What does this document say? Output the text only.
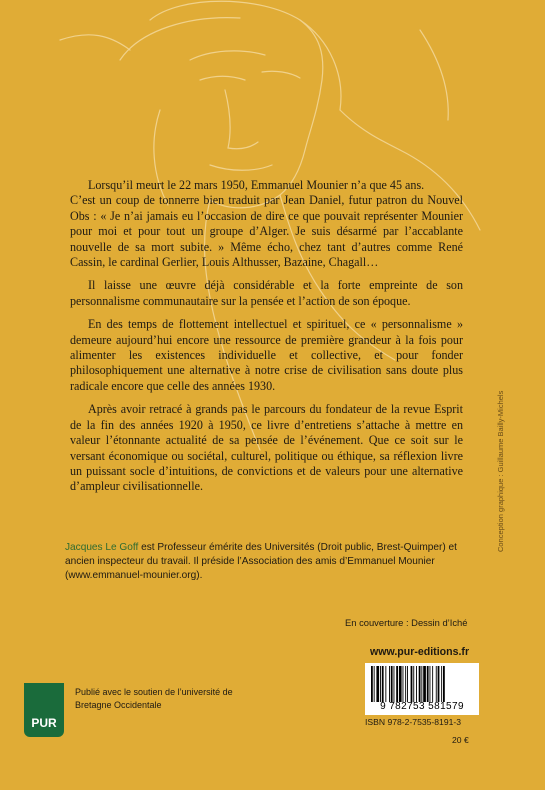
Lorsqu’il meurt le 22 mars 1950, Emmanuel Mounier n’a que 45 ans.

C’est un coup de tonnerre bien traduit par Jean Daniel, futur patron du Nouvel Obs : « Je n’ai jamais eu l’occasion de dire ce que pouvait représenter Mounier pour moi et pour tout un groupe d’Alger. Je suis désarmé par l’accablante nouvelle de sa mort subite. » Même écho, chez tant d’autres comme René Cassin, le cardinal Gerlier, Louis Althusser, Bazaine, Chagall…

Il laisse une œuvre déjà considérable et la forte empreinte de son personnalisme communautaire sur la pensée et l’action de son époque.

En des temps de flottement intellectuel et spirituel, ce « personnalisme » demeure aujourd’hui encore une ressource de première grandeur à la fois pour alimenter les existences individuelle et collective, et pour fonder philosophiquement une alternative à notre crise de civilisation sans doute plus radicale encore que celle des années 1930.

Après avoir retracé à grands pas le parcours du fondateur de la revue Esprit de la fin des années 1920 à 1950, ce livre d’entretiens s’attache à mettre en valeur l’étonnante actualité de sa pensée de l’événement. Que ce soit sur le versant économique ou sociétal, culturel, politique ou éthique, sa réflexion livre un puissant socle d’intuitions, de convictions et de valeurs pour une alternative d’ampleur civilisationnelle.	Conception graphique : Guillaume Bailly-Michels
Jacques Le Goff est Professeur émérite des Universités (Droit public, Brest-Quimper) et ancien inspecteur du travail. Il préside l’Association des amis d’Emmanuel Mounier (www.emmanuel-mounier.org).
En couverture : Dessin d’Iché
www.pur-editions.fr
PUR
Publié avec le soutien de l’université de Bretagne Occidentale	9 782753 581579
ISBN 978-2-7535-8191-3
20 €
